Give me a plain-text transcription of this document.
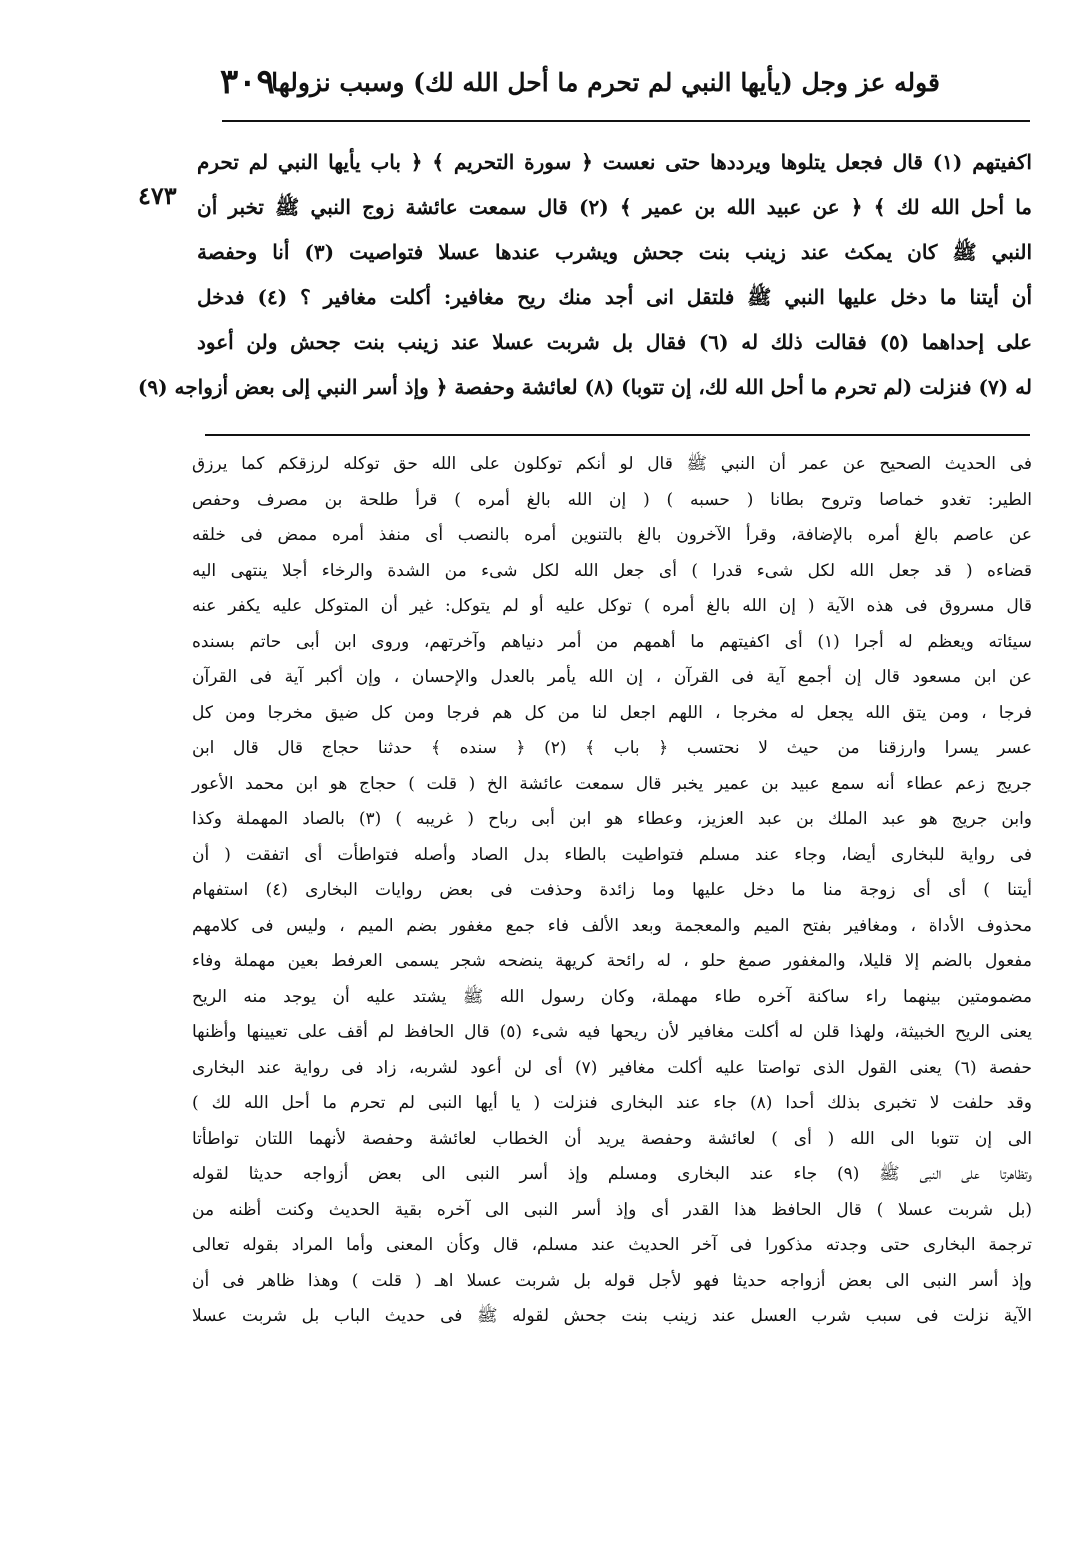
قوله عز وجل (يأيها النبي لم تحرم ما أحل الله لك) وسبب نزولها
٣٠٩
٤٧٣
اكفيتهم (١) قال فجعل يتلوها ويرددها حتى نعست ﴿ سورة التحريم ﴾ ﴿ باب يأيها النبي لم تحرم
ما أحل الله لك ﴾ ﴿ عن عبيد الله بن عمير ﴾ (٢) قال سمعت عائشة زوج النبي ﷺ تخبر أن
النبي ﷺ كان يمكث عند زينب بنت جحش ويشرب عندها عسلا فتواصيت (٣) أنا وحفصة
أن أيتنا ما دخل عليها النبي ﷺ فلتقل انى أجد منك ريح مغافير: أكلت مغافير ؟ (٤) فدخل
على إحداهما (٥) فقالت ذلك له (٦) فقال بل شربت عسلا عند زينب بنت جحش ولن أعود
له (٧) فنزلت (لم تحرم ما أحل الله لك، إن تتوبا) (٨) لعائشة وحفصة ﴿ وإذ أسر النبي إلى بعض أزواجه (٩)
فى الحديث الصحيح عن عمر أن النبي ﷺ قال لو أنكم توكلون على الله حق توكله لرزقكم كما يرزق
الطير: تغدو خماصا وتروح بطانا ( حسبه ) ( إن الله بالغ أمره ) قرأ طلحة بن مصرف وحفص
عن عاصم بالغ أمره بالإضافة، وقرأ الآخرون بالغ بالتنوين أمره بالنصب أى منفذ أمره ممض فى خلقه
قضاءه ( قد جعل الله لكل شىء قدرا ) أى جعل الله لكل شىء من الشدة والرخاء أجلا ينتهى اليه
قال مسروق فى هذه الآية ( إن الله بالغ أمره ) توكل عليه أو لم يتوكل: غير أن المتوكل عليه يكفر عنه
سيئاته ويعظم له أجرا (١) أى اكفيتهم ما أهمهم من أمر دنياهم وآخرتهم، وروى ابن أبى حاتم بسنده
عن ابن مسعود قال إن أجمع آية فى القرآن ، إن الله يأمر بالعدل والإحسان ، وإن أكبر آية فى القرآن
فرجا ، ومن يتق الله يجعل له مخرجا ، اللهم اجعل لنا من كل هم فرجا ومن كل ضيق مخرجا ومن كل
عسر يسرا وارزقنا من حيث لا نحتسب ﴿ باب ﴾ (٢) ﴿ سنده ﴾ حدثنا حجاج قال قال ابن
جريج زعم عطاء أنه سمع عبيد بن عمير يخبر قال سمعت عائشة الخ ( قلت ) حجاج هو ابن محمد الأعور
وابن جريج هو عبد الملك بن عبد العزيز، وعطاء هو ابن أبى رباح ( غريبه ) (٣) بالصاد المهملة وكذا
فى رواية للبخارى أيضا، وجاء عند مسلم فتواطيت بالطاء بدل الصاد وأصله فتواطأت أى اتفقت ( أن
أيتنا ) أى أى زوجة منا ما دخل عليها وما زائدة وحذفت فى بعض روايات البخارى (٤) استفهام
محذوف الأداة ، ومغافير بفتح الميم والمعجمة وبعد الألف فاء جمع مغفور بضم الميم ، وليس فى كلامهم
مفعول بالضم إلا قليلا، والمغفور صمغ حلو ، له رائحة كريهة ينضحه شجر يسمى العرفط بعين مهملة وفاء
مضمومتين بينهما راء ساكنة آخره طاء مهملة، وكان رسول الله ﷺ يشتد عليه أن يوجد منه الريح
يعنى الريح الخبيثة، ولهذا قلن له أكلت مغافير لأن ريحها فيه شىء (٥) قال الحافظ لم أقف على تعيينها وأظنها
حفصة (٦) يعنى القول الذى تواصتا عليه أكلت مغافير (٧) أى لن أعود لشربه، زاد فى رواية عند البخارى
وقد حلفت لا تخبرى بذلك أحدا (٨) جاء عند البخارى فنزلت ( يا أيها النبى لم تحرم ما أحل الله لك )
الى إن تتوبا الى الله ( أى ) لعائشة وحفصة يريد أن الخطاب لعائشة وحفصة لأنهما اللتان تواطأتا
وتظاهرتا على النبى ﷺ (٩) جاء عند البخارى ومسلم وإذ أسر النبى الى بعض أزواجه حديثا لقوله
(بل شربت عسلا ) قال الحافظ هذا القدر أى وإذ أسر النبى الى آخره بقية الحديث وكنت أظنه من
ترجمة البخارى حتى وجدته مذكورا فى آخر الحديث عند مسلم، قال وكأن المعنى وأما المراد بقوله تعالى
وإذ أسر النبى الى بعض أزواجه حديثا فهو لأجل قوله بل شربت عسلا اهـ ( قلت ) وهذا ظاهر فى أن
الآية نزلت فى سبب شرب العسل عند زينب بنت جحش لقوله ﷺ فى حديث الباب بل شربت عسلا
